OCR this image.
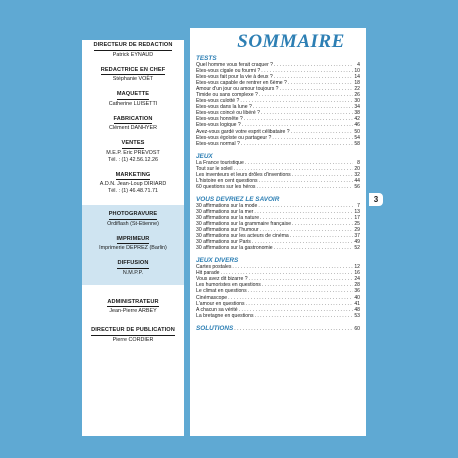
DIRECTEUR DE REDACTION
Patrick EYNAUD
REDACTRICE EN CHEF
Stéphanie VOËT
MAQUETTE
Catherine LUISETTI
FABRICATION
Clément DANHYER
VENTES
M.E.P. Eric PREVOST
Tél. : (1) 42.56.12.26
MARKETING
A.D.N. Jean-Loup DIRIARD
Tél. : (1) 46.48.71.71
PHOTOGRAVURE
Ordiflash (St-Etienne)
IMPRIMEUR
Imprimerie DEPREZ (Barlin)
DIFFUSION
N.M.P.P.
ADMINISTRATEUR
Jean-Pierre ARBEY
DIRECTEUR DE PUBLICATION
Pierre CORDIER
SOMMAIRE
TESTS
Quel homme vous ferait craquer ? . . .	4
Etes-vous cigale ou fourmi ? . . .	10
Etes-vous fait pour la vie à deux ? . . .	14
Etes-vous capable de rentrer en 6ème ? . . .	18
Amour d'un jour ou amour toujours ? . . .	22
Timide ou sans complexe ? . . .	26
Etes-vous culotté ? . . .	30
Etes-vous dans la lune ? . . .	34
Etes-vous coincé ou libéré ? . . .	38
Etes-vous honnête ? . . .	42
Etes-vous logique ? . . .	46
Avez-vous gardé votre esprit célibataire ? . . .	50
Etes-vous égoïste ou partageur ? . . .	54
Etes-vous normal ? . . .	58
JEUX
La France touristique . . .	8
Tout sur le soleil . . .	20
Les inventeurs et leurs drôles d'inventions . . .	32
L'histoire en cent questions . . .	44
60 questions sur les héros . . .	56
VOUS DEVRIEZ LE SAVOIR
30 affirmations sur la mode . . .	7
30 affirmations sur la mer . . .	13
30 affirmations sur la nature . . .	17
30 affirmations sur la grammaire française . . .	25
30 affirmations sur l'humour . . .	29
30 affirmations sur les acteurs de cinéma . . .	37
30 affirmations sur Paris . . .	49
30 affirmations sur la gastronomie . . .	52
JEUX DIVERS
Cartes postales . . .	12
Hit parade . . .	16
Vous avez dit bizarre ? . . .	24
Les humoristes en questions . . .	28
Le climat en questions . . .	36
Cinémascope . . .	40
L'amour en questions . . .	41
A chacun sa vérité . . .	48
La bretagne en questions . . .	53
SOLUTIONS . . .	60
3
